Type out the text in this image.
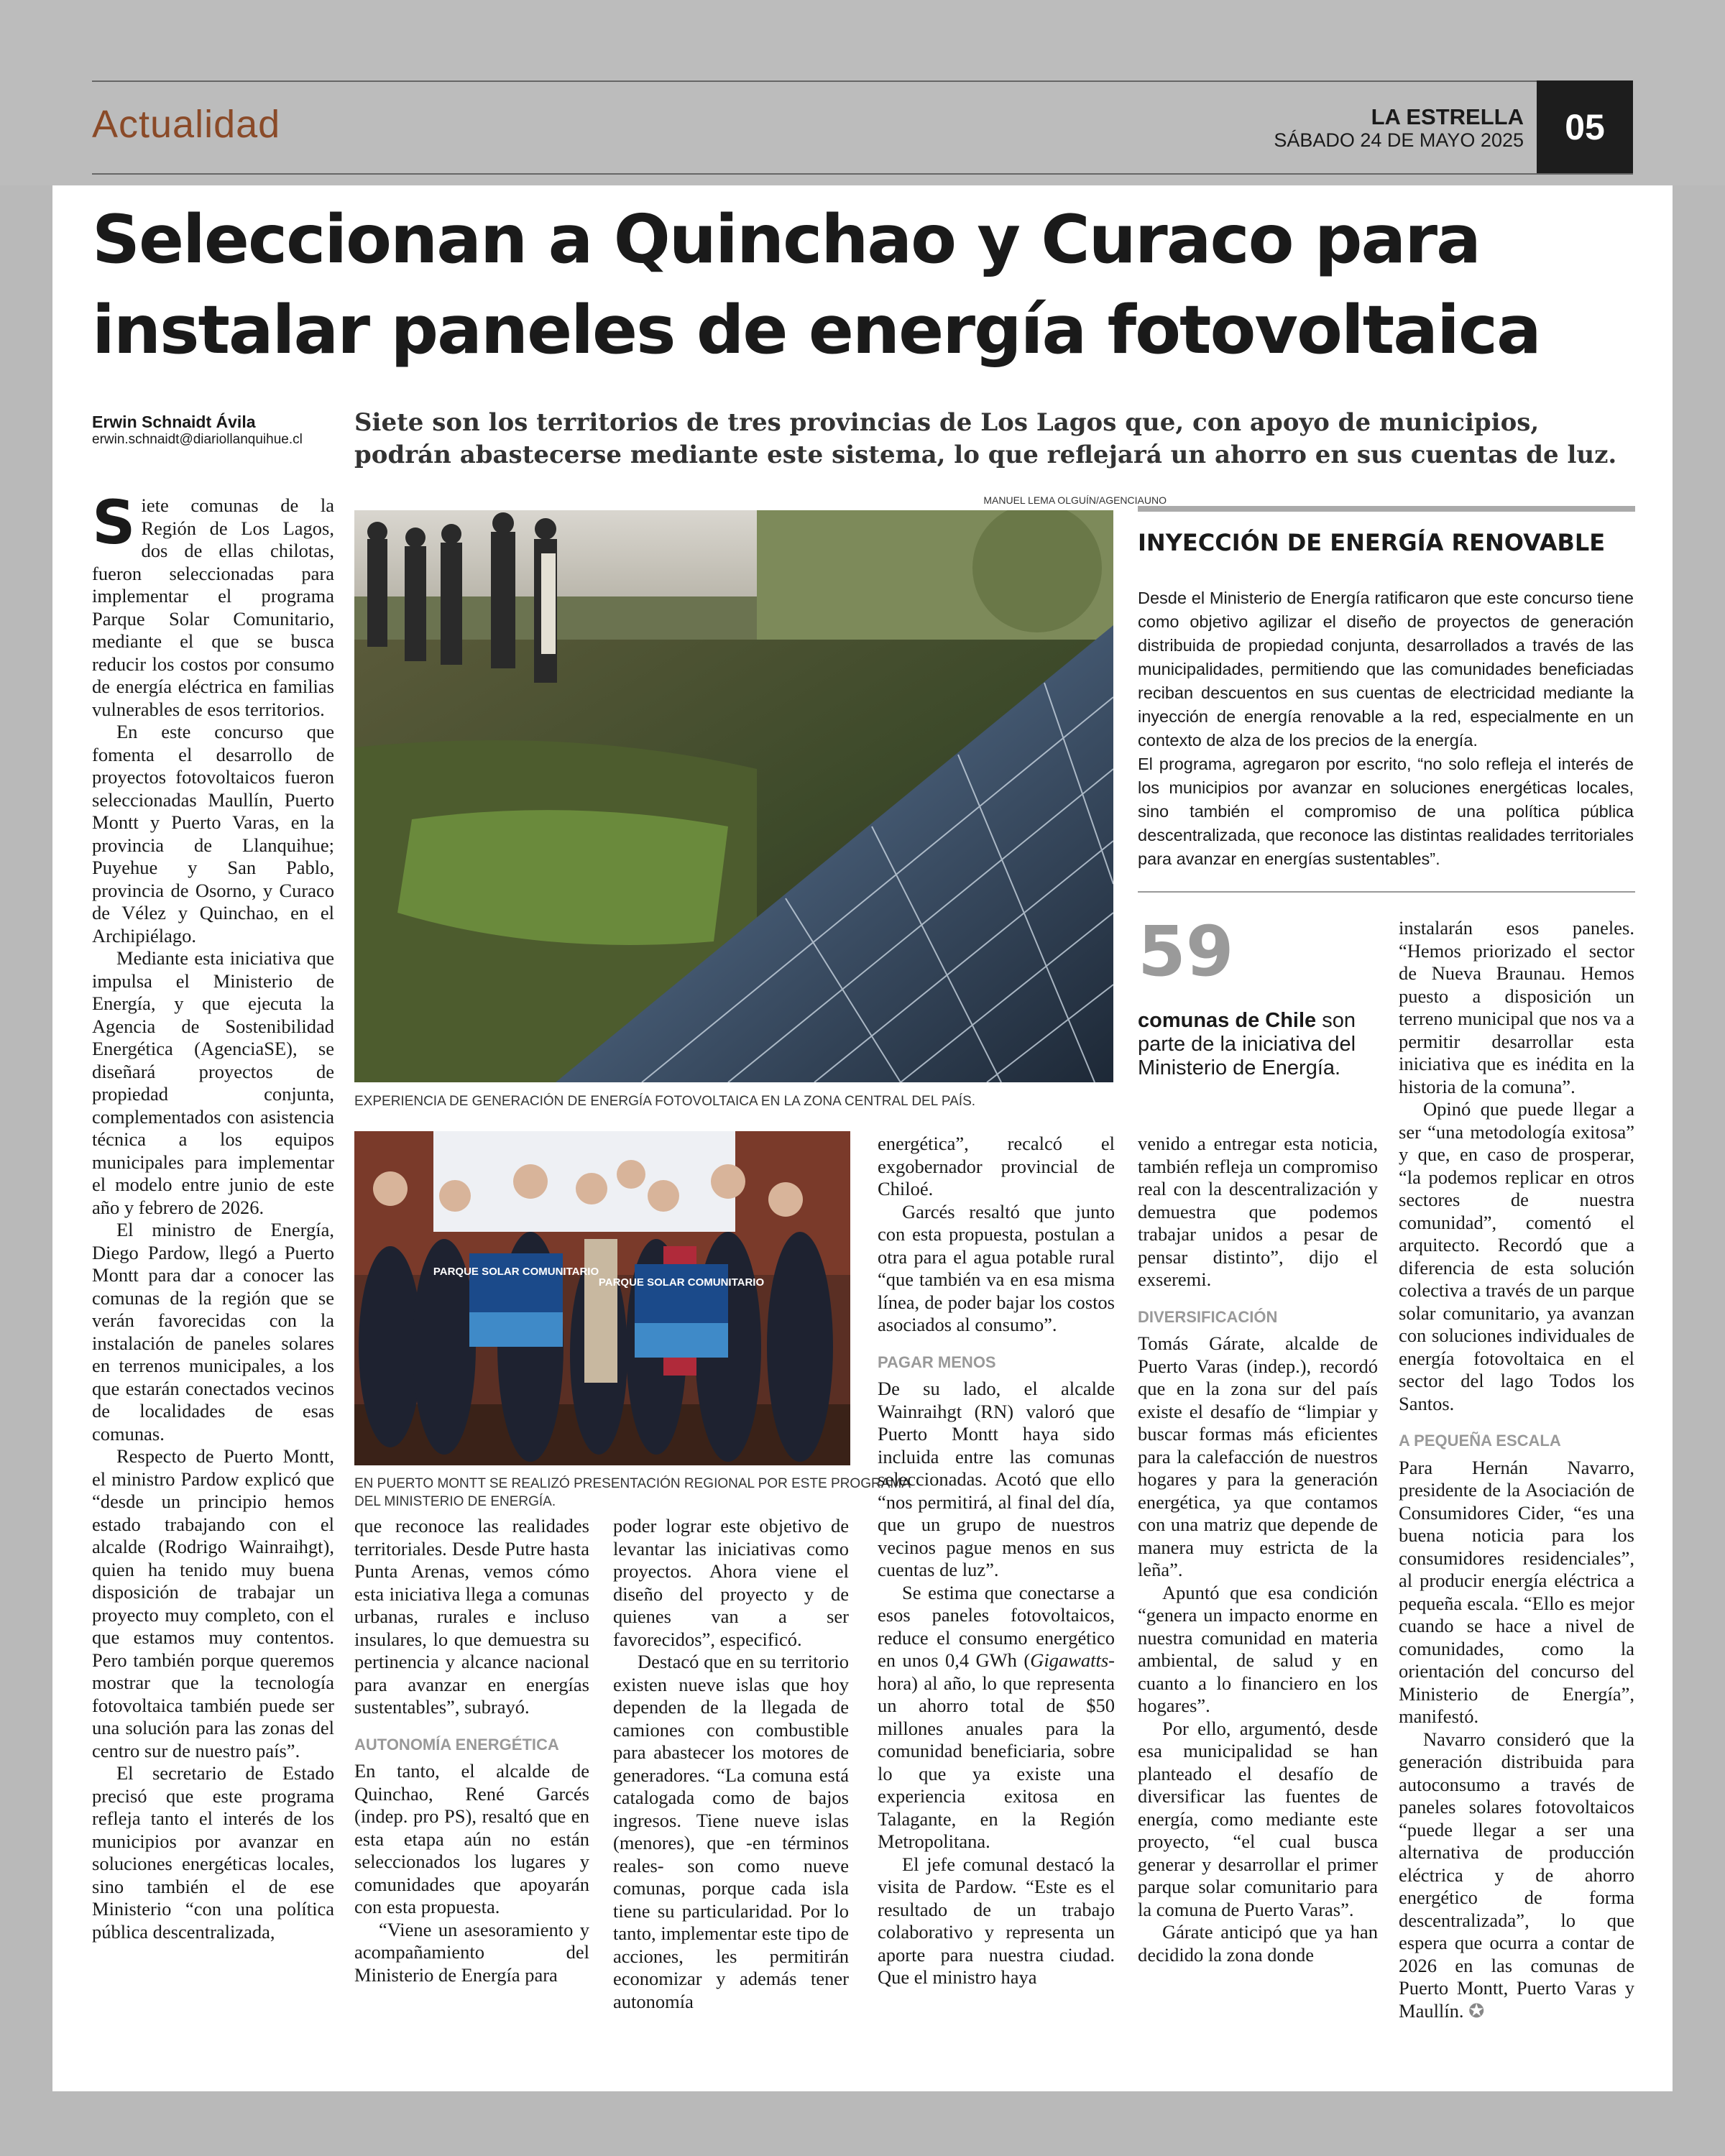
Actualidad	LA ESTRELLA
SÁBADO 24 DE MAYO 2025	05
Seleccionan a Quinchao y Curaco para instalar paneles de energía fotovoltaica
Erwin Schnaidt Ávila
erwin.schnaidt@diariollanquihue.cl
Siete son los territorios de tres provincias de Los Lagos que, con apoyo de municipios, podrán abastecerse mediante este sistema, lo que reflejará un ahorro en sus cuentas de luz.
MANUEL LEMA OLGUÍN/AGENCIAUNO
EXPERIENCIA DE GENERACIÓN DE ENERGÍA FOTOVOLTAICA EN LA ZONA CENTRAL DEL PAÍS.
PARQUE SOLAR COMUNITARIO
PARQUE SOLAR COMUNITARIO
EN PUERTO MONTT SE REALIZÓ PRESENTACIÓN REGIONAL POR ESTE PROGRAMA DEL MINISTERIO DE ENERGÍA.

Siete comunas de la Región de Los Lagos, dos de ellas chilotas, fueron seleccionadas para implementar el programa Parque Solar Comunitario, mediante el que se busca reducir los costos por consumo de energía eléctrica en familias vulnerables de esos territorios.

En este concurso que fomenta el desarrollo de proyectos fotovoltaicos fueron seleccionadas Maullín, Puerto Montt y Puerto Varas, en la provincia de Llanquihue; Puyehue y San Pablo, provincia de Osorno, y Curaco de Vélez y Quinchao, en el Archipiélago.

Mediante esta iniciativa que impulsa el Ministerio de Energía, y que ejecuta la Agencia de Sostenibilidad Energética (AgenciaSE), se diseñará proyectos de propiedad conjunta, complementados con asistencia técnica a los equipos municipales para implementar el modelo entre junio de este año y febrero de 2026.

El ministro de Energía, Diego Pardow, llegó a Puerto Montt para dar a conocer las comunas de la región que se verán favorecidas con la instalación de paneles solares en terrenos municipales, a los que estarán conectados vecinos de localidades de esas comunas.

Respecto de Puerto Montt, el ministro Pardow explicó que “desde un principio hemos estado trabajando con el alcalde (Rodrigo Wainraihgt), quien ha tenido muy buena disposición de trabajar un proyecto muy completo, con el que estamos muy contentos. Pero también porque queremos mostrar que la tecnología fotovoltaica también puede ser una solución para las zonas del centro sur de nuestro país”.

El secretario de Estado precisó que este programa refleja tanto el interés de los municipios por avanzar en soluciones energéticas locales, sino también el de ese Ministerio “con una política pública descentralizada,

que reconoce las realidades territoriales. Desde Putre hasta Punta Arenas, vemos cómo esta iniciativa llega a comunas urbanas, rurales e incluso insulares, lo que demuestra su pertinencia y alcance nacional para avanzar en energías sustentables”, subrayó.

AUTONOMÍA ENERGÉTICA

En tanto, el alcalde de Quinchao, René Garcés (indep. pro PS), resaltó que en esta etapa aún no están seleccionados los lugares y comunidades que apoyarán con esta propuesta.

“Viene un asesoramiento y acompañamiento del Ministerio de Energía para

poder lograr este objetivo de levantar las iniciativas como proyectos. Ahora viene el diseño del proyecto y de quienes van a ser favorecidos”, especificó.

Destacó que en su territorio existen nueve islas que hoy dependen de la llegada de camiones con combustible para abastecer los motores de generadores. “La comuna está catalogada como de bajos ingresos. Tiene nueve islas (menores), que -en términos reales- son como nueve comunas, porque cada isla tiene su particularidad. Por lo tanto, implementar este tipo de acciones, les permitirán economizar y además tener autonomía

energética”, recalcó el exgobernador provincial de Chiloé.

Garcés resaltó que junto con esta propuesta, postulan a otra para el agua potable rural “que también va en esa misma línea, de poder bajar los costos asociados al consumo”.

PAGAR MENOS

De su lado, el alcalde Wainraihgt (RN) valoró que Puerto Montt haya sido incluida entre las comunas seleccionadas. Acotó que ello “nos permitirá, al final del día, que un grupo de nuestros vecinos pague menos en sus cuentas de luz”.

Se estima que conectarse a esos paneles fotovoltaicos, reduce el consumo energético en unos 0,4 GWh (Gigawatts-hora) al año, lo que representa un ahorro total de $50 millones anuales para la comunidad beneficiaria, sobre lo que ya existe una experiencia exitosa en Talagante, en la Región Metropolitana.

El jefe comunal destacó la visita de Pardow. “Este es el resultado de un trabajo colaborativo y representa un aporte para nuestra ciudad. Que el ministro haya

INYECCIÓN DE ENERGÍA RENOVABLE

Desde el Ministerio de Energía ratificaron que este concurso tiene como objetivo agilizar el diseño de proyectos de generación distribuida de propiedad conjunta, desarrollados a través de las municipalidades, permitiendo que las comunidades beneficiadas reciban descuentos en sus cuentas de electricidad mediante la inyección de energía renovable a la red, especialmente en un contexto de alza de los precios de la energía.

El programa, agregaron por escrito, “no solo refleja el interés de los municipios por avanzar en soluciones energéticas locales, sino también el compromiso de una política pública descentralizada, que reconoce las distintas realidades territoriales para avanzar en energías sustentables”.

59
comunas de Chile son parte de la iniciativa del Ministerio de Energía.

venido a entregar esta noticia, también refleja un compromiso real con la descentralización y demuestra que podemos trabajar unidos a pesar de pensar distinto”, dijo el exseremi.

DIVERSIFICACIÓN

Tomás Gárate, alcalde de Puerto Varas (indep.), recordó que en la zona sur del país existe el desafío de “limpiar y buscar formas más eficientes para la calefacción de nuestros hogares y para la generación energética, ya que contamos con una matriz que depende de manera muy estricta de la leña”.

Apuntó que esa condición “genera un impacto enorme en nuestra comunidad en materia ambiental, de salud y en cuanto a lo financiero en los hogares”.

Por ello, argumentó, desde esa municipalidad se han planteado el desafío de diversificar las fuentes de energía, como mediante este proyecto, “el cual busca generar y desarrollar el primer parque solar comunitario para la comuna de Puerto Varas”.

Gárate anticipó que ya han decidido la zona donde

instalarán esos paneles. “Hemos priorizado el sector de Nueva Braunau. Hemos puesto a disposición un terreno municipal que nos va a permitir desarrollar esta iniciativa que es inédita en la historia de la comuna”.

Opinó que puede llegar a ser “una metodología exitosa” y que, en caso de prosperar, “la podemos replicar en otros sectores de nuestra comunidad”, comentó el arquitecto. Recordó que a diferencia de esta solución colectiva a través de un parque solar comunitario, ya avanzan con soluciones individuales de energía fotovoltaica en el sector del lago Todos los Santos.

A PEQUEÑA ESCALA

Para Hernán Navarro, presidente de la Asociación de Consumidores Cider, “es una buena noticia para los consumidores residenciales”, al producir energía eléctrica a pequeña escala. “Ello es mejor cuando se hace a nivel de comunidades, como la orientación del concurso del Ministerio de Energía”, manifestó.

Navarro consideró que la generación distribuida para autoconsumo a través de paneles solares fotovoltaicos “puede llegar a ser una alternativa de producción eléctrica y de ahorro energético de forma descentralizada”, lo que espera que ocurra a contar de 2026 en las comunas de Puerto Montt, Puerto Varas y Maullín. ✪
